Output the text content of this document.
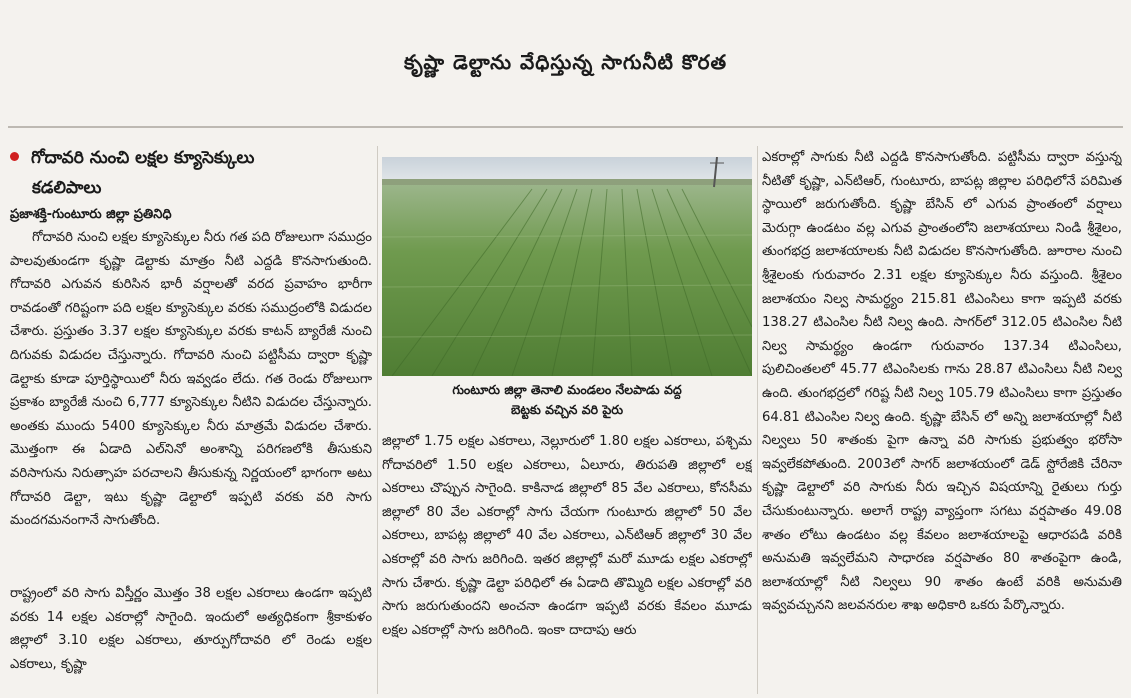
కృష్ణా డెల్టాను వేధిస్తున్న సాగునీటి కొరత
గోదావరి నుంచి లక్షల క్యూసెక్కులు
కడలిపాలు
ప్రజాశక్తి-గుంటూరు జిల్లా ప్రతినిధి

గోదావరి నుంచి లక్షల క్యూసెక్కుల నీరు గత పది రోజులుగా సముద్రం పాలవుతుండగా కృష్ణా డెల్టాకు మాత్రం నీటి ఎద్దడి కొనసాగుతుంది. గోదావరి ఎగువన కురిసిన భారీ వర్షాలతో వరద ప్రవాహం భారీగా రావడంతో గరిష్టంగా పది లక్షల క్యూసెక్కుల వరకు సముద్రంలోకి విడుదల చేశారు. ప్రస్తుతం 3.37 లక్షల క్యూసెక్కుల వరకు కాటన్ బ్యారేజీ నుంచి దిగువకు విడుదల చేస్తున్నారు. గోదావరి నుంచి పట్టిసీమ ద్వారా కృష్ణా డెల్టాకు కూడా పూర్తిస్థాయిలో నీరు ఇవ్వడం లేదు. గత రెండు రోజులుగా ప్రకాశం బ్యారేజీ నుంచి 6,777 క్యూసెక్కుల నీటిని విడుదల చేస్తున్నారు. అంతకు ముందు 5400 క్యూసెక్కుల నీరు మాత్రమే విడుదల చేశారు. మొత్తంగా ఈ ఏడాది ఎల్‌నినో అంశాన్ని పరిగణలోకి తీసుకుని వరిసాగును నిరుత్సాహ పరచాలని తీసుకున్న నిర్ణయంలో భాగంగా అటు గోదావరి డెల్టా, ఇటు కృష్ణా డెల్టాలో ఇప్పటి వరకు వరి సాగు మందగమనంగానే సాగుతోంది.

రాష్ట్రంలో వరి సాగు విస్తీర్ణం మొత్తం 38 లక్షల ఎకరాలు ఉండగా ఇప్పటి వరకు 14 లక్షల ఎకరాల్లో సాగైంది. ఇందులో అత్యధికంగా శ్రీకాకుళం జిల్లాలో 3.10 లక్షల ఎకరాలు, తూర్పుగోదావరి లో రెండు లక్షల ఎకరాలు, కృష్ణా

గుంటూరు జిల్లా తెనాలి మండలం నేలపాడు వద్ద
బెట్టకు వచ్చిన వరి పైరు

జిల్లాలో 1.75 లక్షల ఎకరాలు, నెల్లూరులో 1.80 లక్షల ఎకరాలు, పశ్చిమ గోదావరిలో 1.50 లక్షల ఎకరాలు, ఏలూరు, తిరుపతి జిల్లాలో లక్ష ఎకరాలు చొప్పున సాగైంది. కాకినాడ జిల్లాలో 85 వేల ఎకరాలు, కోనసీమ జిల్లాలో 80 వేల ఎకరాల్లో సాగు చేయగా గుంటూరు జిల్లాలో 50 వేల ఎకరాలు, బాపట్ల జిల్లాలో 40 వేల ఎకరాలు, ఎన్‌టిఆర్ జిల్లాలో 30 వేల ఎకరాల్లో వరి సాగు జరిగింది. ఇతర జిల్లాల్లో మరో మూడు లక్షల ఎకరాల్లో సాగు చేశారు. కృష్ణా డెల్టా పరిధిలో ఈ ఏడాది తొమ్మిది లక్షల ఎకరాల్లో వరి సాగు జరుగుతుందని అంచనా ఉండగా ఇప్పటి వరకు కేవలం మూడు లక్షల ఎకరాల్లో సాగు జరిగింది. ఇంకా దాదాపు ఆరు

ఎకరాల్లో సాగుకు నీటి ఎద్దడి కొనసాగుతోంది. పట్టిసీమ ద్వారా వస్తున్న నీటితో కృష్ణా, ఎన్‌టిఆర్, గుంటూరు, బాపట్ల జిల్లాల పరిధిలోనే పరిమిత స్థాయిలో జరుగుతోంది. కృష్ణా బేసిన్ లో ఎగువ ప్రాంతంలో వర్షాలు మెరుగ్గా ఉండటం వల్ల ఎగువ ప్రాంతంలోని జలాశయాలు నిండి శ్రీశైలం, తుంగభద్ర జలాశయాలకు నీటి విడుదల కొనసాగుతోంది. జూరాల నుంచి శ్రీశైలంకు గురువారం 2.31 లక్షల క్యూసెక్కుల నీరు వస్తుంది. శ్రీశైలం జలాశయం నిల్వ సామర్థ్యం 215.81 టిఎంసిలు కాగా ఇప్పటి వరకు 138.27 టిఎంసిల నీటి నిల్వ ఉంది. సాగర్‌లో 312.05 టిఎంసిల నీటి నిల్వ సామర్థ్యం ఉండగా గురువారం 137.34 టిఎంసిలు, పులిచింతలలో 45.77 టిఎంసిలకు గాను 28.87 టిఎంసిలు నీటి నిల్వ ఉంది. తుంగభద్రలో గరిష్ట నీటి నిల్వ 105.79 టిఎంసిలు కాగా ప్రస్తుతం 64.81 టిఎంసిల నిల్వ ఉంది. కృష్ణా బేసిన్ లో అన్ని జలాశయాల్లో నీటి నిల్వలు 50 శాతంకు పైగా ఉన్నా వరి సాగుకు ప్రభుత్వం భరోసా ఇవ్వలేకపోతుంది. 2003లో సాగర్ జలాశయంలో డెడ్ స్టోరేజికి చేరినా కృష్ణా డెల్టాలో వరి సాగుకు నీరు ఇచ్చిన విషయాన్ని రైతులు గుర్తు చేసుకుంటున్నారు. అలాగే రాష్ట్ర వ్యాప్తంగా సగటు వర్షపాతం 49.08 శాతం లోటు ఉండటం వల్ల కేవలం జలాశయాలపై ఆధారపడి వరికి అనుమతి ఇవ్వలేమని సాధారణ వర్షపాతం 80 శాతంపైగా ఉండి, జలాశయాల్లో నీటి నిల్వలు 90 శాతం ఉంటే వరికి అనుమతి ఇవ్వవచ్చునని జలవనరుల శాఖ అధికారి ఒకరు పేర్కొన్నారు.
